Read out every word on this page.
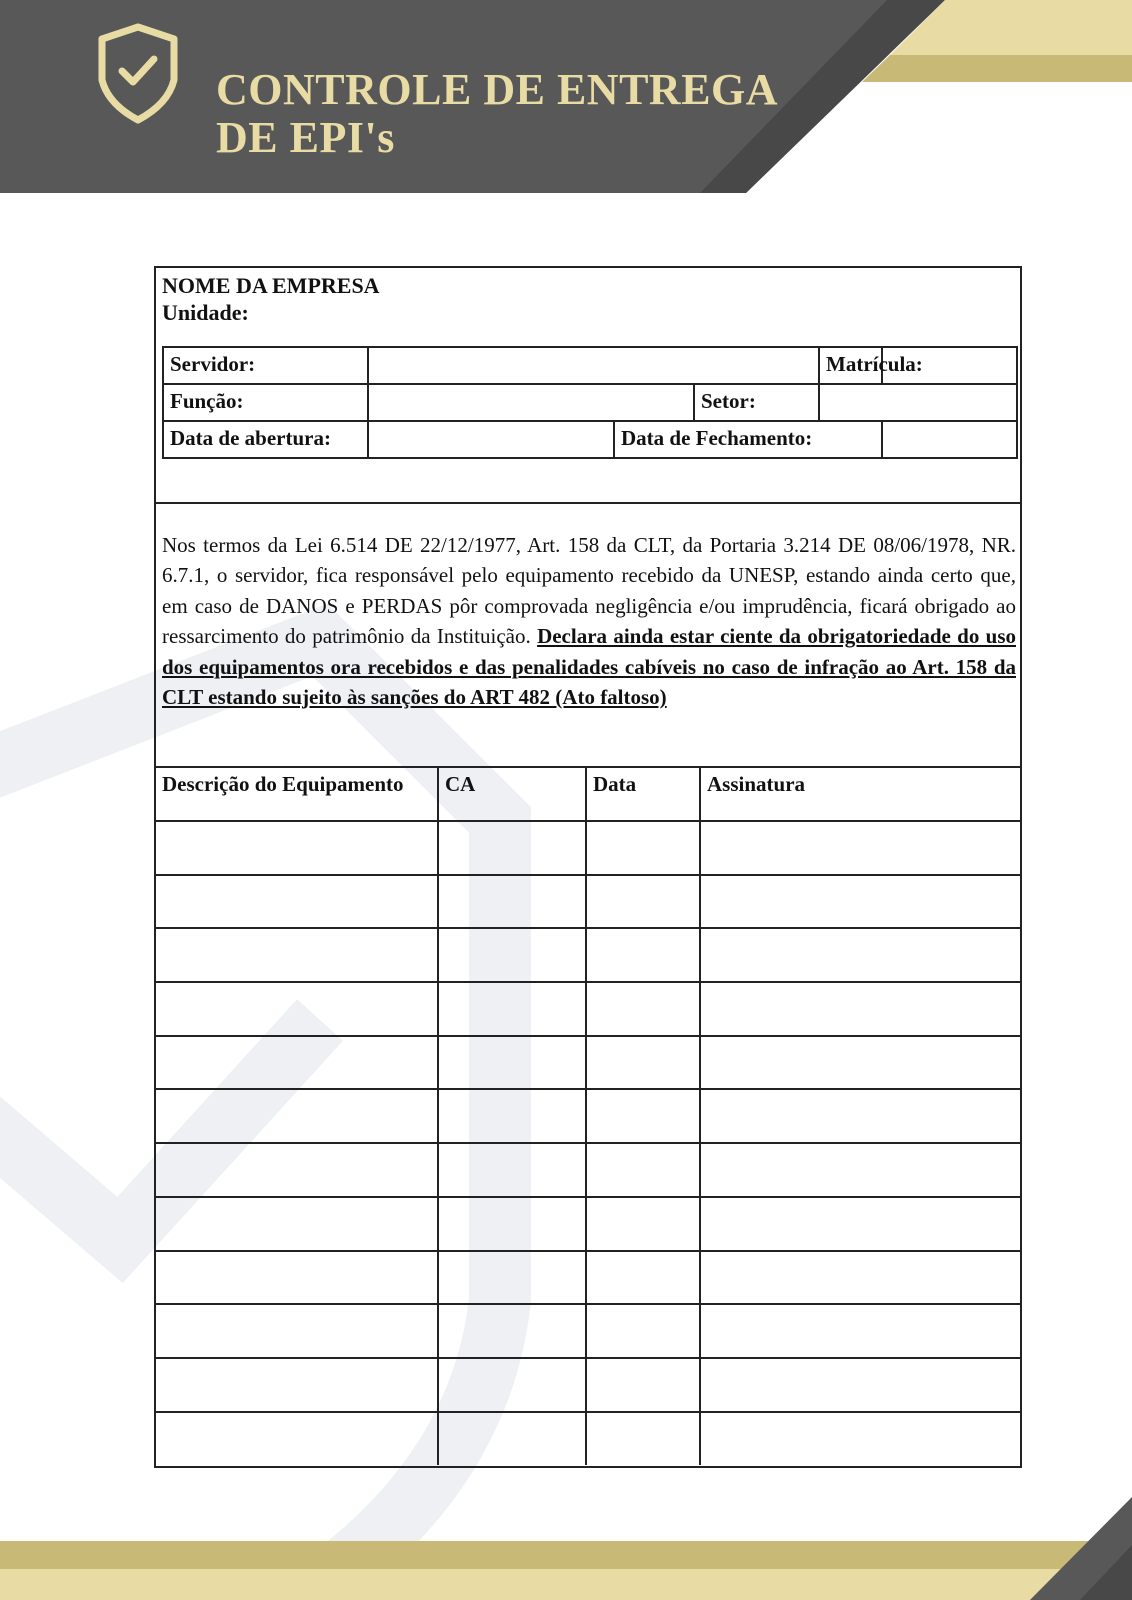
CONTROLE DE ENTREGA
DE EPI's
NOME DA EMPRESA
Unidade:
Servidor:				Matrícula:	
Função:			Setor:		
Data de abertura:		Data de Fechamento:			

Nos termos da Lei 6.514 DE 22/12/1977, Art. 158 da CLT, da Portaria 3.214 DE 08/06/1978, NR. 6.7.1, o servidor, fica responsável pelo equipamento recebido da UNESP, estando ainda certo que, em caso de DANOS e PERDAS pôr comprovada negligência e/ou imprudência, ficará obrigado ao ressarcimento do patrimônio da Instituição. Declara ainda estar ciente da obrigatoriedade do uso dos equipamentos ora recebidos e das penalidades cabíveis no caso de infração ao Art. 158 da CLT estando sujeito às sanções do ART 482 (Ato faltoso)

Descrição do Equipamento	CA	Data	Assinatura
